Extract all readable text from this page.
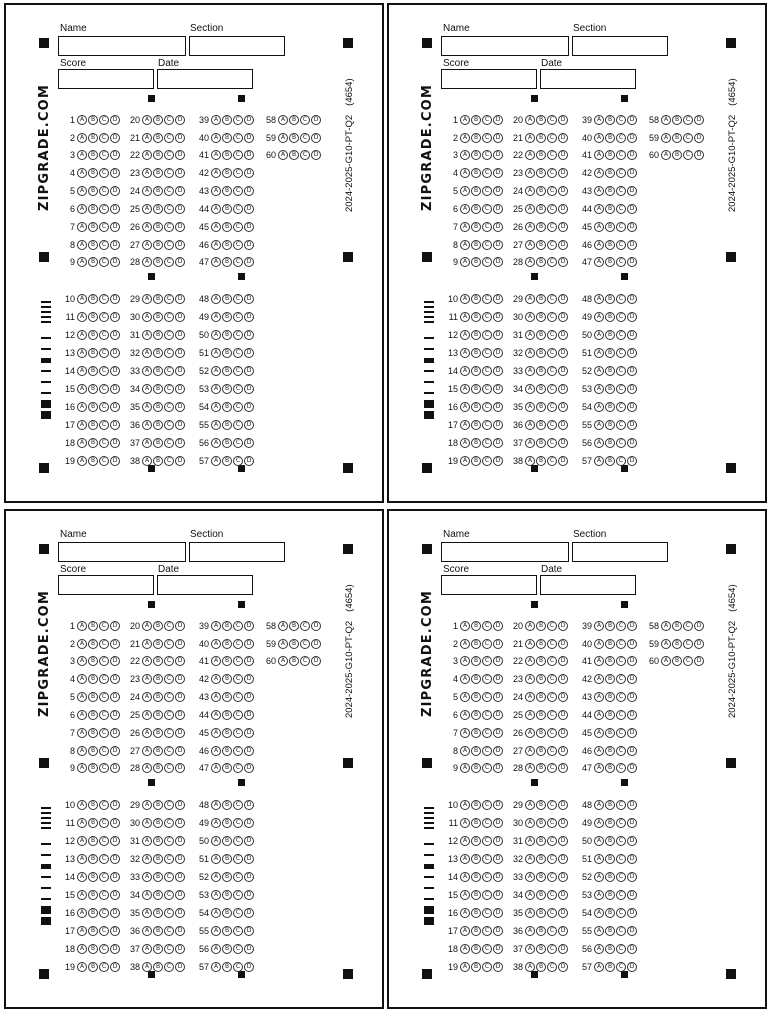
Name	Section
Score	Date
ZIPGRADE.COM	2024-2025-G10-PT-Q2(4654)
1 A	B	C	D
2 A	B	C	D
3 A	B	C	D
4 A	B	C	D
5 A	B	C	D
6 A	B	C	D
7 A	B	C	D
8 A	B	C	D
9 A	B	C	D
10 A	B	C	D
11 A	B	C	D
12 A	B	C	D
13 A	B	C	D
14 A	B	C	D
15 A	B	C	D
16 A	B	C	D
17 A	B	C	D
18 A	B	C	D
19 A	B	C	D
20 A	B	C	D
21 A	B	C	D
22 A	B	C	D
23 A	B	C	D
24 A	B	C	D
25 A	B	C	D
26 A	B	C	D
27 A	B	C	D
28 A	B	C	D
29 A	B	C	D
30 A	B	C	D
31 A	B	C	D
32 A	B	C	D
33 A	B	C	D
34 A	B	C	D
35 A	B	C	D
36 A	B	C	D
37 A	B	C	D
38 A	B	C	D
39 A	B	C	D
40 A	B	C	D
41 A	B	C	D
42 A	B	C	D
43 A	B	C	D
44 A	B	C	D
45 A	B	C	D
46 A	B	C	D
47 A	B	C	D
48 A	B	C	D
49 A	B	C	D
50 A	B	C	D
51 A	B	C	D
52 A	B	C	D
53 A	B	C	D
54 A	B	C	D
55 A	B	C	D
56 A	B	C	D
57 A	B	C	D
58 A	B	C	D
59 A	B	C	D
60 A	B	C	D
Name	Section
Score	Date
ZIPGRADE.COM	2024-2025-G10-PT-Q2(4654)
1 A	B	C	D
2 A	B	C	D
3 A	B	C	D
4 A	B	C	D
5 A	B	C	D
6 A	B	C	D
7 A	B	C	D
8 A	B	C	D
9 A	B	C	D
10 A	B	C	D
11 A	B	C	D
12 A	B	C	D
13 A	B	C	D
14 A	B	C	D
15 A	B	C	D
16 A	B	C	D
17 A	B	C	D
18 A	B	C	D
19 A	B	C	D
20 A	B	C	D
21 A	B	C	D
22 A	B	C	D
23 A	B	C	D
24 A	B	C	D
25 A	B	C	D
26 A	B	C	D
27 A	B	C	D
28 A	B	C	D
29 A	B	C	D
30 A	B	C	D
31 A	B	C	D
32 A	B	C	D
33 A	B	C	D
34 A	B	C	D
35 A	B	C	D
36 A	B	C	D
37 A	B	C	D
38 A	B	C	D
39 A	B	C	D
40 A	B	C	D
41 A	B	C	D
42 A	B	C	D
43 A	B	C	D
44 A	B	C	D
45 A	B	C	D
46 A	B	C	D
47 A	B	C	D
48 A	B	C	D
49 A	B	C	D
50 A	B	C	D
51 A	B	C	D
52 A	B	C	D
53 A	B	C	D
54 A	B	C	D
55 A	B	C	D
56 A	B	C	D
57 A	B	C	D
58 A	B	C	D
59 A	B	C	D
60 A	B	C	D
Name	Section
Score	Date
ZIPGRADE.COM	2024-2025-G10-PT-Q2(4654)
1 A	B	C	D
2 A	B	C	D
3 A	B	C	D
4 A	B	C	D
5 A	B	C	D
6 A	B	C	D
7 A	B	C	D
8 A	B	C	D
9 A	B	C	D
10 A	B	C	D
11 A	B	C	D
12 A	B	C	D
13 A	B	C	D
14 A	B	C	D
15 A	B	C	D
16 A	B	C	D
17 A	B	C	D
18 A	B	C	D
19 A	B	C	D
20 A	B	C	D
21 A	B	C	D
22 A	B	C	D
23 A	B	C	D
24 A	B	C	D
25 A	B	C	D
26 A	B	C	D
27 A	B	C	D
28 A	B	C	D
29 A	B	C	D
30 A	B	C	D
31 A	B	C	D
32 A	B	C	D
33 A	B	C	D
34 A	B	C	D
35 A	B	C	D
36 A	B	C	D
37 A	B	C	D
38 A	B	C	D
39 A	B	C	D
40 A	B	C	D
41 A	B	C	D
42 A	B	C	D
43 A	B	C	D
44 A	B	C	D
45 A	B	C	D
46 A	B	C	D
47 A	B	C	D
48 A	B	C	D
49 A	B	C	D
50 A	B	C	D
51 A	B	C	D
52 A	B	C	D
53 A	B	C	D
54 A	B	C	D
55 A	B	C	D
56 A	B	C	D
57 A	B	C	D
58 A	B	C	D
59 A	B	C	D
60 A	B	C	D
Name	Section
Score	Date
ZIPGRADE.COM	2024-2025-G10-PT-Q2(4654)
1 A	B	C	D
2 A	B	C	D
3 A	B	C	D
4 A	B	C	D
5 A	B	C	D
6 A	B	C	D
7 A	B	C	D
8 A	B	C	D
9 A	B	C	D
10 A	B	C	D
11 A	B	C	D
12 A	B	C	D
13 A	B	C	D
14 A	B	C	D
15 A	B	C	D
16 A	B	C	D
17 A	B	C	D
18 A	B	C	D
19 A	B	C	D
20 A	B	C	D
21 A	B	C	D
22 A	B	C	D
23 A	B	C	D
24 A	B	C	D
25 A	B	C	D
26 A	B	C	D
27 A	B	C	D
28 A	B	C	D
29 A	B	C	D
30 A	B	C	D
31 A	B	C	D
32 A	B	C	D
33 A	B	C	D
34 A	B	C	D
35 A	B	C	D
36 A	B	C	D
37 A	B	C	D
38 A	B	C	D
39 A	B	C	D
40 A	B	C	D
41 A	B	C	D
42 A	B	C	D
43 A	B	C	D
44 A	B	C	D
45 A	B	C	D
46 A	B	C	D
47 A	B	C	D
48 A	B	C	D
49 A	B	C	D
50 A	B	C	D
51 A	B	C	D
52 A	B	C	D
53 A	B	C	D
54 A	B	C	D
55 A	B	C	D
56 A	B	C	D
57 A	B	C	D
58 A	B	C	D
59 A	B	C	D
60 A	B	C	D
